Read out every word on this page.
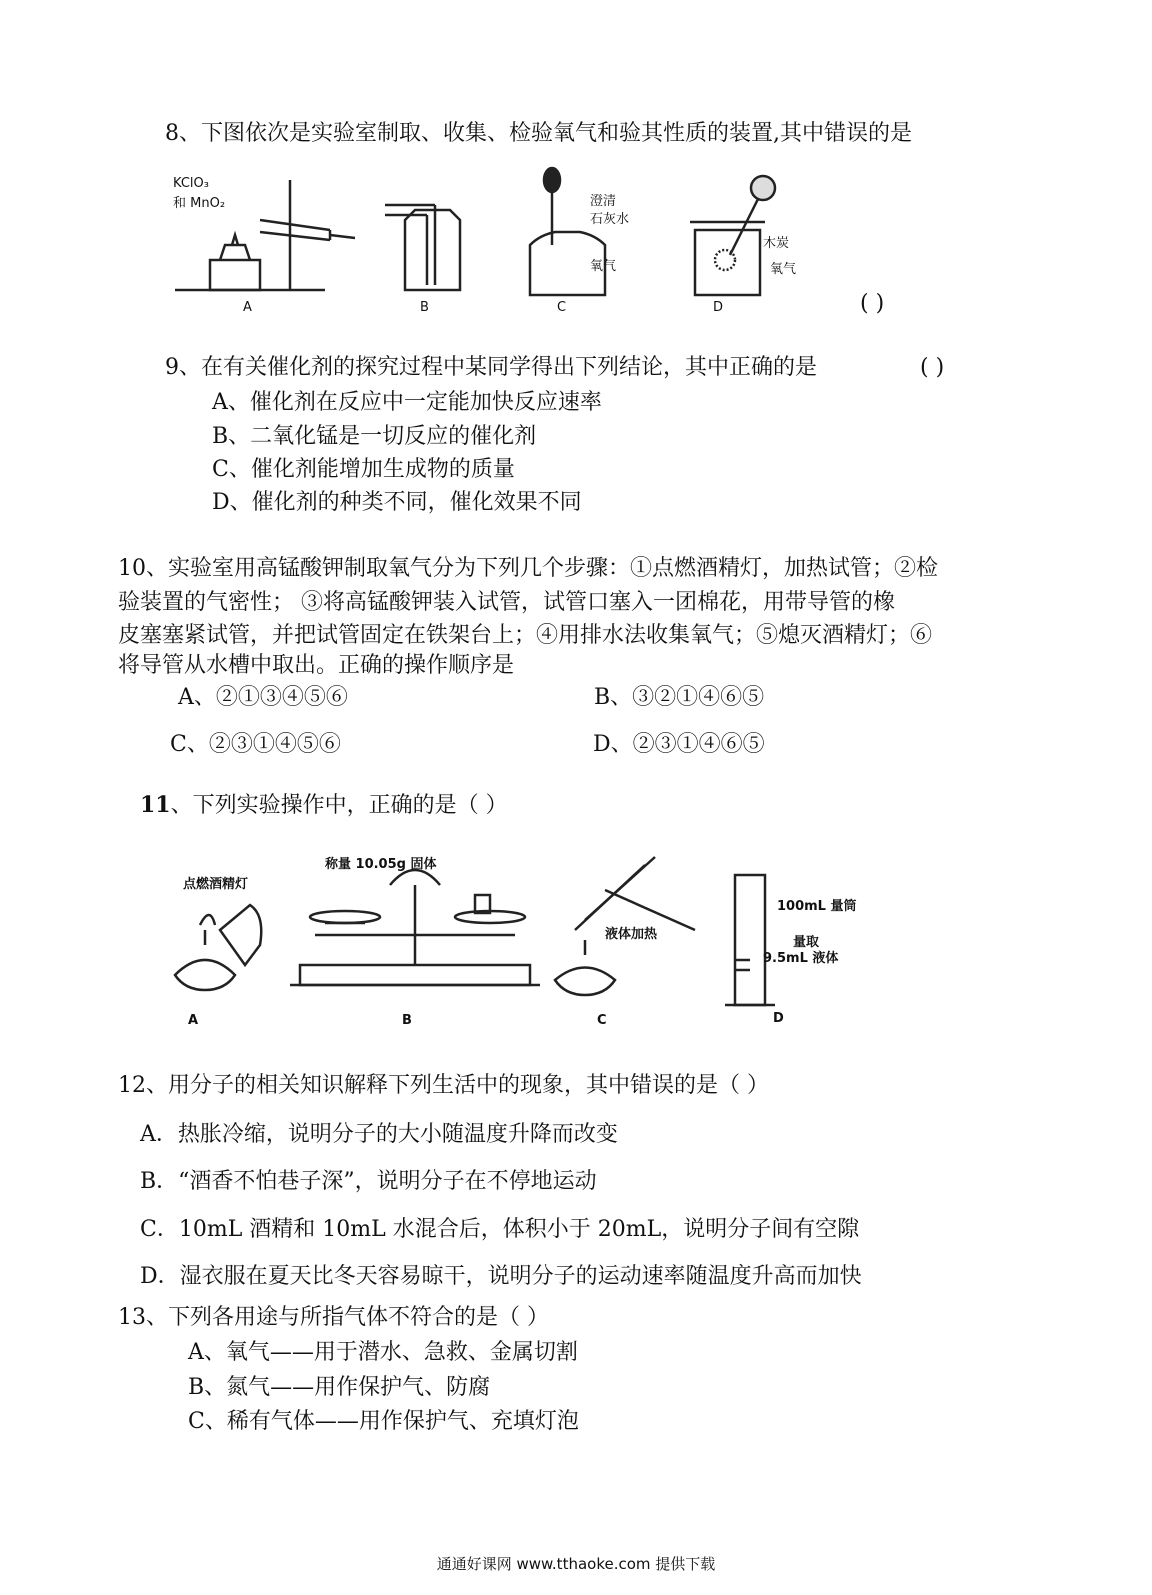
8、下图依次是实验室制取、收集、检验氧气和验其性质的装置,其中错误的是
KClO₃
和 MnO₂	澄清
石灰水
氧气
木炭
氧气
A	B	C	D	( )
9、在有关催化剂的探究过程中某同学得出下列结论，其中正确的是	( )
A、催化剂在反应中一定能加快反应速率
B、二氧化锰是一切反应的催化剂
C、催化剂能增加生成物的质量
D、催化剂的种类不同，催化效果不同
10、实验室用高锰酸钾制取氧气分为下列几个步骤：①点燃酒精灯，加热试管；②检
验装置的气密性； ③将高锰酸钾装入试管，试管口塞入一团棉花，用带导管的橡
皮塞塞紧试管，并把试管固定在铁架台上；④用排水法收集氧气；⑤熄灭酒精灯；⑥
将导管从水槽中取出。正确的操作顺序是
A、②①③④⑤⑥	B、③②①④⑥⑤
C、②③①④⑤⑥	D、②③①④⑥⑤
11、下列实验操作中，正确的是（ ）
点燃酒精灯
称量 10.05g 固体
液体加热
100mL 量筒
量取
9.5mL 液体
A	B	C	D
12、用分子的相关知识解释下列生活中的现象，其中错误的是（ ）
A．热胀冷缩，说明分子的大小随温度升降而改变
B．“酒香不怕巷子深”，说明分子在不停地运动
C．10mL 酒精和 10mL 水混合后，体积小于 20mL，说明分子间有空隙
D．湿衣服在夏天比冬天容易晾干，说明分子的运动速率随温度升高而加快
13、下列各用途与所指气体不符合的是（ ）
A、氧气——用于潜水、急救、金属切割
B、氮气——用作保护气、防腐
C、稀有气体——用作保护气、充填灯泡
通通好课网 www.tthaoke.com 提供下载
